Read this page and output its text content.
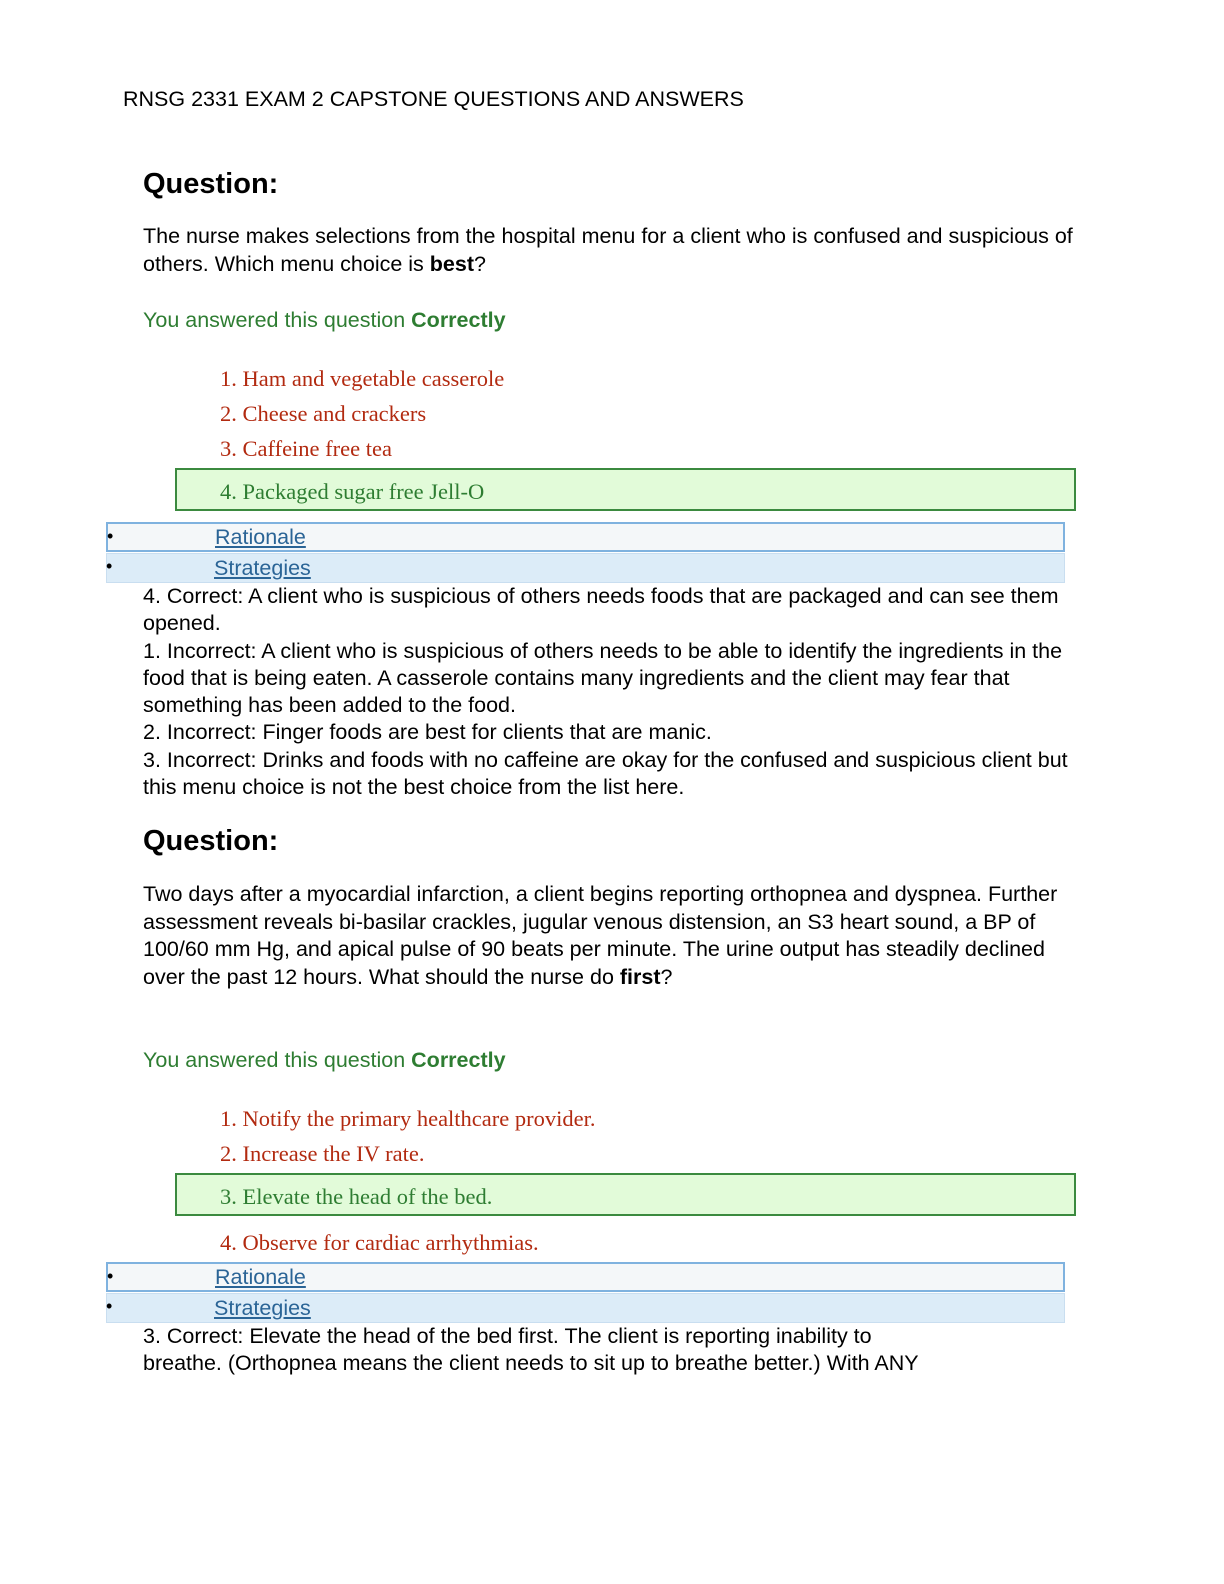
RNSG 2331 EXAM 2 CAPSTONE QUESTIONS AND ANSWERS
Question:
The nurse makes selections from the hospital menu for a client who is confused and suspicious of others. Which menu choice is best?
You answered this question Correctly
1. Ham and vegetable casserole
2. Cheese and crackers
3. Caffeine free tea
4. Packaged sugar free Jell-O
•	Rationale
•	Strategies

4. Correct: A client who is suspicious of others needs foods that are packaged and can see them opened.

1. Incorrect: A client who is suspicious of others needs to be able to identify the ingredients in the food that is being eaten. A casserole contains many ingredients and the client may fear that something has been added to the food.

2. Incorrect: Finger foods are best for clients that are manic.

3. Incorrect: Drinks and foods with no caffeine are okay for the confused and suspicious client but this menu choice is not the best choice from the list here.

Question:
Two days after a myocardial infarction, a client begins reporting orthopnea and dyspnea. Further assessment reveals bi-basilar crackles, jugular venous distension, an S3 heart sound, a BP of 100/60 mm Hg, and apical pulse of 90 beats per minute. The urine output has steadily declined over the past 12 hours. What should the nurse do first?
You answered this question Correctly
1. Notify the primary healthcare provider.
2. Increase the IV rate.
3. Elevate the head of the bed.
4. Observe for cardiac arrhythmias.
•	Rationale
•	Strategies

3. Correct: Elevate the head of the bed first. The client is reporting inability to breathe. (Orthopnea means the client needs to sit up to breathe better.) With ANY
